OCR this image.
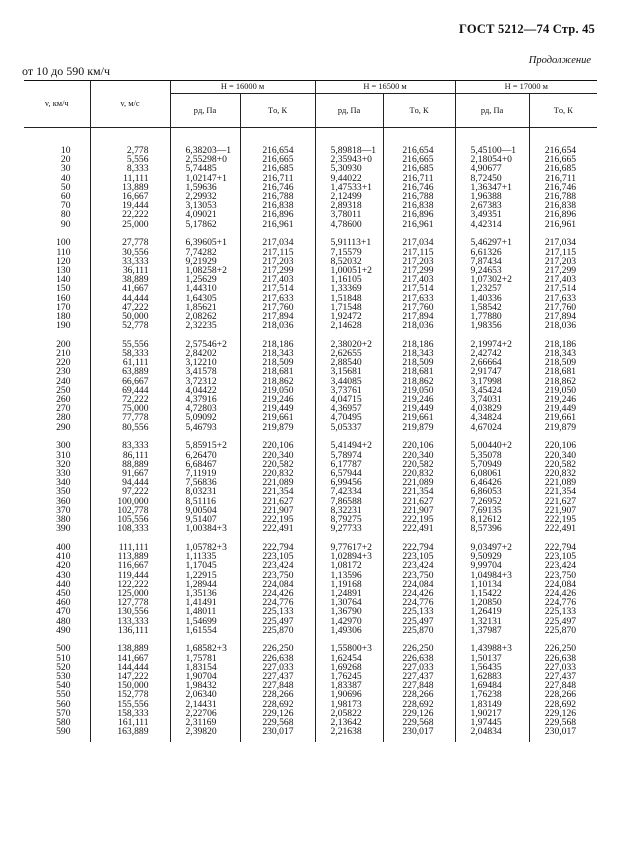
ГОСТ 5212—74 Стр. 45
Продолжение
от 10 до 590 км/ч
v, км/ч	v, м/с	H = 16000 м		H = 16500 м		H = 17000 м	
		pд, Па	Tо, К	pд, Па	Tо, К	pд, Па	Tо, К

10	2,778	6,38203—1	216,654	5,89818—1	216,654	5,45100—1	216,654
20	5,556	2,55298+0	216,665	2,35943+0	216,665	2,18054+0	216,665
30	8,333	5,74485	216,685	5,30930	216,685	4,90677	216,685
40	11,111	1,02147+1	216,711	9,44022	216,711	8,72450	216,711
50	13,889	1,59636	216,746	1,47533+1	216,746	1,36347+1	216,746
60	16,667	2,29932	216,788	2,12499	216,788	1,96388	216,788
70	19,444	3,13053	216,838	2,89318	216,838	2,67383	216,838
80	22,222	4,09021	216,896	3,78011	216,896	3,49351	216,896
90	25,000	5,17862	216,961	4,78600	216,961	4,42314	216,961

100	27,778	6,39605+1	217,034	5,91113+1	217,034	5,46297+1	217,034
110	30,556	7,74282	217,115	7,15579	217,115	6,61326	217,115
120	33,333	9,21929	217,203	8,52032	217,203	7,87434	217,203
130	36,111	1,08258+2	217,299	1,00051+2	217,299	9,24653	217,299
140	38,889	1,25629	217,403	1,16105	217,403	1,07302+2	217,403
150	41,667	1,44310	217,514	1,33369	217,514	1,23257	217,514
160	44,444	1,64305	217,633	1,51848	217,633	1,40336	217,633
170	47,222	1,85621	217,760	1,71548	217,760	1,58542	217,760
180	50,000	2,08262	217,894	1,92472	217,894	1,77880	217,894
190	52,778	2,32235	218,036	2,14628	218,036	1,98356	218,036

200	55,556	2,57546+2	218,186	2,38020+2	218,186	2,19974+2	218,186
210	58,333	2,84202	218,343	2,62655	218,343	2,42742	218,343
220	61,111	3,12210	218,509	2,88540	218,509	2,66664	218,509
230	63,889	3,41578	218,681	3,15681	218,681	2,91747	218,681
240	66,667	3,72312	218,862	3,44085	218,862	3,17998	218,862
250	69,444	4,04422	219,050	3,73761	219,050	3,45424	219,050
260	72,222	4,37916	219,246	4,04715	219,246	3,74031	219,246
270	75,000	4,72803	219,449	4,36957	219,449	4,03829	219,449
280	77,778	5,09092	219,661	4,70495	219,661	4,34824	219,661
290	80,556	5,46793	219,879	5,05337	219,879	4,67024	219,879

300	83,333	5,85915+2	220,106	5,41494+2	220,106	5,00440+2	220,106
310	86,111	6,26470	220,340	5,78974	220,340	5,35078	220,340
320	88,889	6,68467	220,582	6,17787	220,582	5,70949	220,582
330	91,667	7,11919	220,832	6,57944	220,832	6,08061	220,832
340	94,444	7,56836	221,089	6,99456	221,089	6,46426	221,089
350	97,222	8,03231	221,354	7,42334	221,354	6,86053	221,354
360	100,000	8,51116	221,627	7,86588	221,627	7,26952	221,627
370	102,778	9,00504	221,907	8,32231	221,907	7,69135	221,907
380	105,556	9,51407	222,195	8,79275	222,195	8,12612	222,195
390	108,333	1,00384+3	222,491	9,27733	222,491	8,57396	222,491

400	111,111	1,05782+3	222,794	9,77617+2	222,794	9,03497+2	222,794
410	113,889	1,11335	223,105	1,02894+3	223,105	9,50929	223,105
420	116,667	1,17045	223,424	1,08172	223,424	9,99704	223,424
430	119,444	1,22915	223,750	1,13596	223,750	1,04984+3	223,750
440	122,222	1,28944	224,084	1,19168	224,084	1,10134	224,084
450	125,000	1,35136	224,426	1,24891	224,426	1,15422	224,426
460	127,778	1,41491	224,776	1,30764	224,776	1,20850	224,776
470	130,556	1,48011	225,133	1,36790	225,133	1,26419	225,133
480	133,333	1,54699	225,497	1,42970	225,497	1,32131	225,497
490	136,111	1,61554	225,870	1,49306	225,870	1,37987	225,870

500	138,889	1,68582+3	226,250	1,55800+3	226,250	1,43988+3	226,250
510	141,667	1,75781	226,638	1,62454	226,638	1,50137	226,638
520	144,444	1,83154	227,033	1,69268	227,033	1,56435	227,033
530	147,222	1,90704	227,437	1,76245	227,437	1,62883	227,437
540	150,000	1,98432	227,848	1,83387	227,848	1,69484	227,848
550	152,778	2,06340	228,266	1,90696	228,266	1,76238	228,266
560	155,556	2,14431	228,692	1,98173	228,692	1,83149	228,692
570	158,333	2,22706	229,126	2,05822	229,126	1,90217	229,126
580	161,111	2,31169	229,568	2,13642	229,568	1,97445	229,568
590	163,889	2,39820	230,017	2,21638	230,017	2,04834	230,017
